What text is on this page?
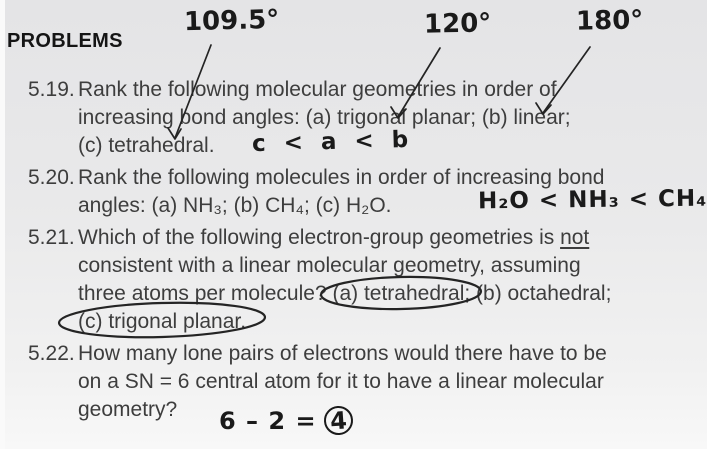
PROBLEMS
5.19. Rank the following molecular geometries in order of
increasing bond angles: (a) trigonal planar; (b) linear;
(c) tetrahedral.
5.20. Rank the following molecules in order of increasing bond
angles: (a) NH₃; (b) CH₄; (c) H₂O.
5.21. Which of the following electron-group geometries is not
consistent with a linear molecular geometry, assuming
three atoms per molecule? (a) tetrahedral; (b) octahedral;
(c) trigonal planar.
5.22. How many lone pairs of electrons would there have to be
on a SN = 6 central atom for it to have a linear molecular
geometry?
109.5°	120°	180°
c < a < b
H₂O < NH₃ < CH₄
6 – 2 = 4
